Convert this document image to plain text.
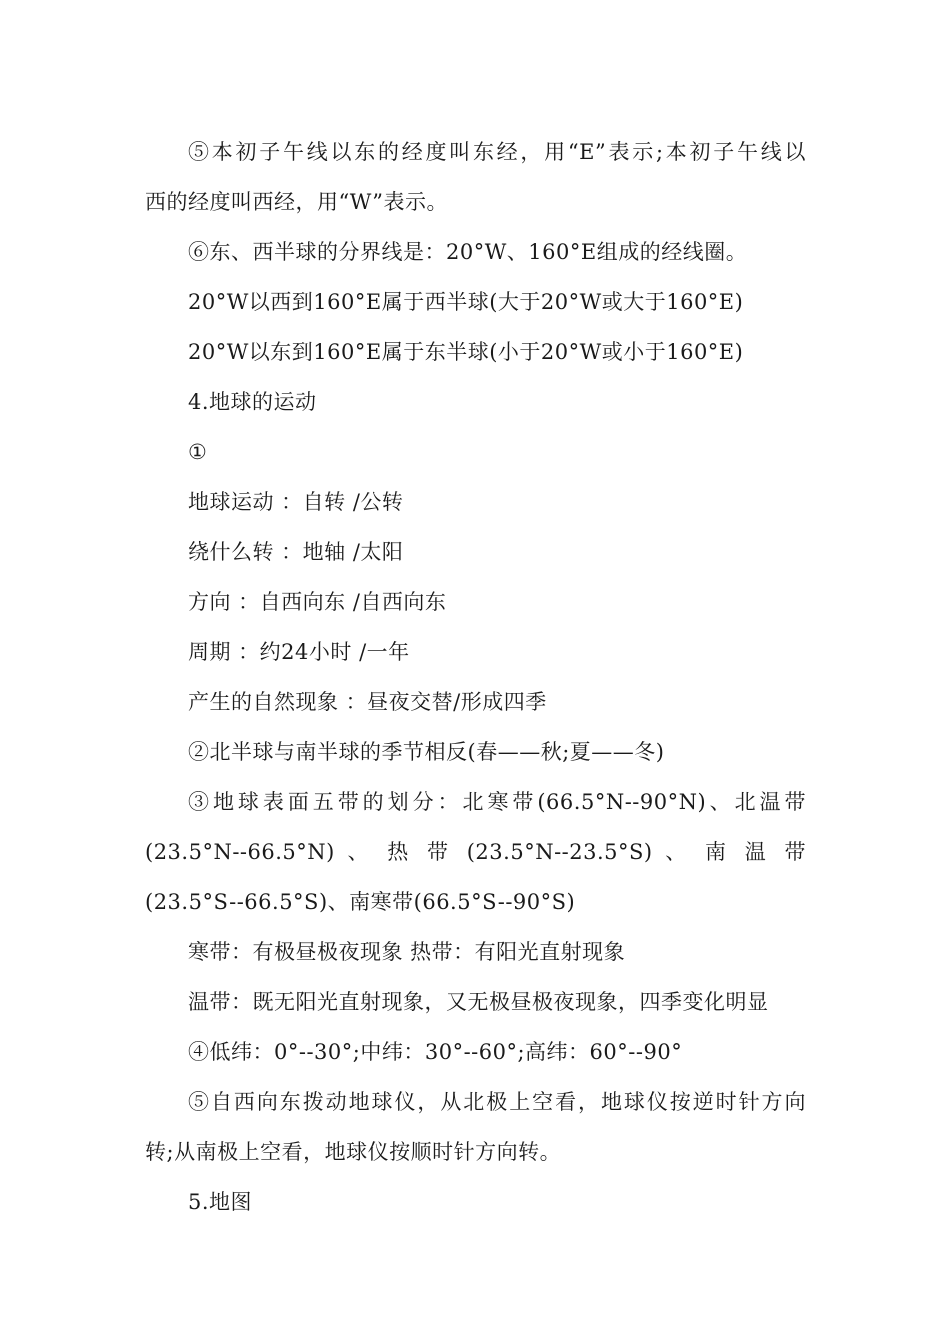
⑤本初子午线以东的经度叫东经，用“E”表示;本初子午线以
西的经度叫西经，用“W”表示。
⑥东、西半球的分界线是：20°W、160°E组成的经线圈。
20°W以西到160°E属于西半球(大于20°W或大于160°E)
20°W以东到160°E属于东半球(小于20°W或小于160°E)
4.地球的运动
①
地球运动 ：自转 /公转
绕什么转 ：地轴 /太阳
方向 ：自西向东 /自西向东
周期 ：约24小时 /一年
产生的自然现象 ：昼夜交替/形成四季
②北半球与南半球的季节相反(春——秋;夏——冬)
③地球表面五带的划分：北寒带(66.5°N--90°N)、北温带
(23.5°N--66.5°N) 、 热 带 (23.5°N--23.5°S) 、 南 温 带
(23.5°S--66.5°S)、南寒带(66.5°S--90°S)
寒带：有极昼极夜现象 热带：有阳光直射现象
温带：既无阳光直射现象，又无极昼极夜现象，四季变化明显
④低纬：0°--30°;中纬：30°--60°;高纬：60°--90°
⑤自西向东拨动地球仪，从北极上空看，地球仪按逆时针方向
转;从南极上空看，地球仪按顺时针方向转。
5.地图
